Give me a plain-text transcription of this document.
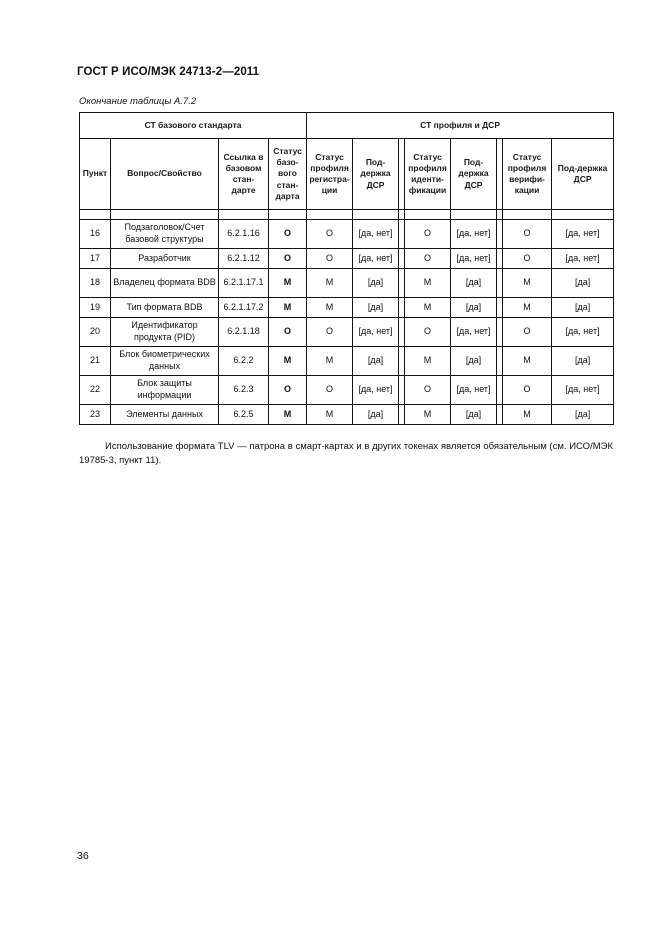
ГОСТ Р ИСО/МЭК 24713-2—2011
Окончание таблицы А.7.2
СТ базового стандарта				СТ профиля и ДСР							
Пункт	Вопрос/Свойство	Ссылка в базовом стан-дарте	Статус базо-вого стан-дарта	Статус профиля регистра-ции	Под-держка ДСР		Статус профиля иденти-фикации	Под-держка ДСР		Статус профиля верифи-кации	Под-держка ДСР

16	Подзаголовок/Счет базовой структуры	6.2.1.16	O	O	[да, нет]		O	[да, нет]		O	[да, нет]
17	Разработчик	6.2.1.12	O	O	[да, нет]		O	[да, нет]		O	[да, нет]
18	Владелец формата BDB	6.2.1.17.1	M	M	[да]		M	[да]		M	[да]
19	Тип формата BDB	6.2.1.17.2	M	M	[да]		M	[да]		M	[да]
20	Идентификатор продукта (PID)	6.2.1.18	O	O	[да, нет]		O	[да, нет]		O	[да, нет]
21	Блок биометрических данных	6.2.2	M	M	[да]		M	[да]		M	[да]
22	Блок защиты информации	6.2.3	O	O	[да, нет]		O	[да, нет]		O	[да, нет]
23	Элементы данных	6.2.5	M	M	[да]		M	[да]		M	[да]
Использование формата TLV — патрона в смарт-картах и в других токенах является обязательным (см. ИСО/МЭК 19785-3, пункт 11).
36
